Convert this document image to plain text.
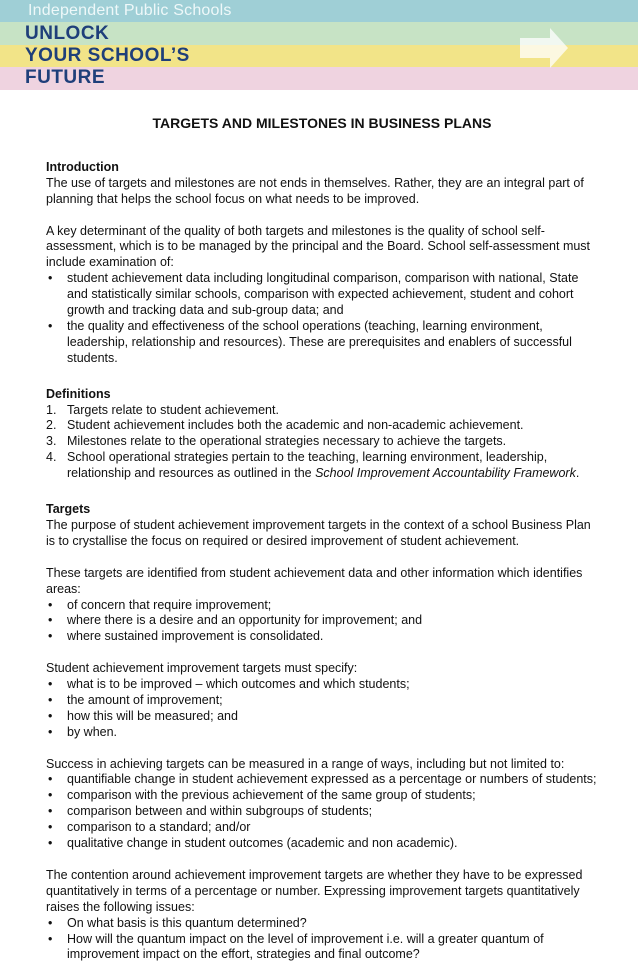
Independent Public Schools
UNLOCK
YOUR SCHOOL’S
FUTURE
TARGETS AND MILESTONES IN BUSINESS PLANS

Introduction

The use of targets and milestones are not ends in themselves. Rather, they are an integral part of planning that helps the school focus on what needs to be improved.

A key determinant of the quality of both targets and milestones is the quality of school self-assessment, which is to be managed by the principal and the Board. School self-assessment must include examination of:

• student achievement data including longitudinal comparison, comparison with national, State and statistically similar schools, comparison with expected achievement, student and cohort growth and tracking data and sub-group data; and
• the quality and effectiveness of the school operations (teaching, learning environment, leadership, relationship and resources). These are prerequisites and enablers of successful students.

Definitions

1. Targets relate to student achievement.
2. Student achievement includes both the academic and non-academic achievement.
3. Milestones relate to the operational strategies necessary to achieve the targets.
4. School operational strategies pertain to the teaching, learning environment, leadership, relationship and resources as outlined in the School Improvement Accountability Framework.

Targets

The purpose of student achievement improvement targets in the context of a school Business Plan is to crystallise the focus on required or desired improvement of student achievement.

These targets are identified from student achievement data and other information which identifies areas:

• of concern that require improvement;
• where there is a desire and an opportunity for improvement; and
• where sustained improvement is consolidated.

Student achievement improvement targets must specify:

• what is to be improved – which outcomes and which students;
• the amount of improvement;
• how this will be measured; and
• by when.

Success in achieving targets can be measured in a range of ways, including but not limited to:

• quantifiable change in student achievement expressed as a percentage or numbers of students;
• comparison with the previous achievement of the same group of students;
• comparison between and within subgroups of students;
• comparison to a standard; and/or
• qualitative change in student outcomes (academic and non academic).

The contention around achievement improvement targets are whether they have to be expressed quantitatively in terms of a percentage or number. Expressing improvement targets quantitatively raises the following issues:

• On what basis is this quantum determined?
• How will the quantum impact on the level of improvement i.e. will a greater quantum of improvement impact on the effort, strategies and final outcome?
